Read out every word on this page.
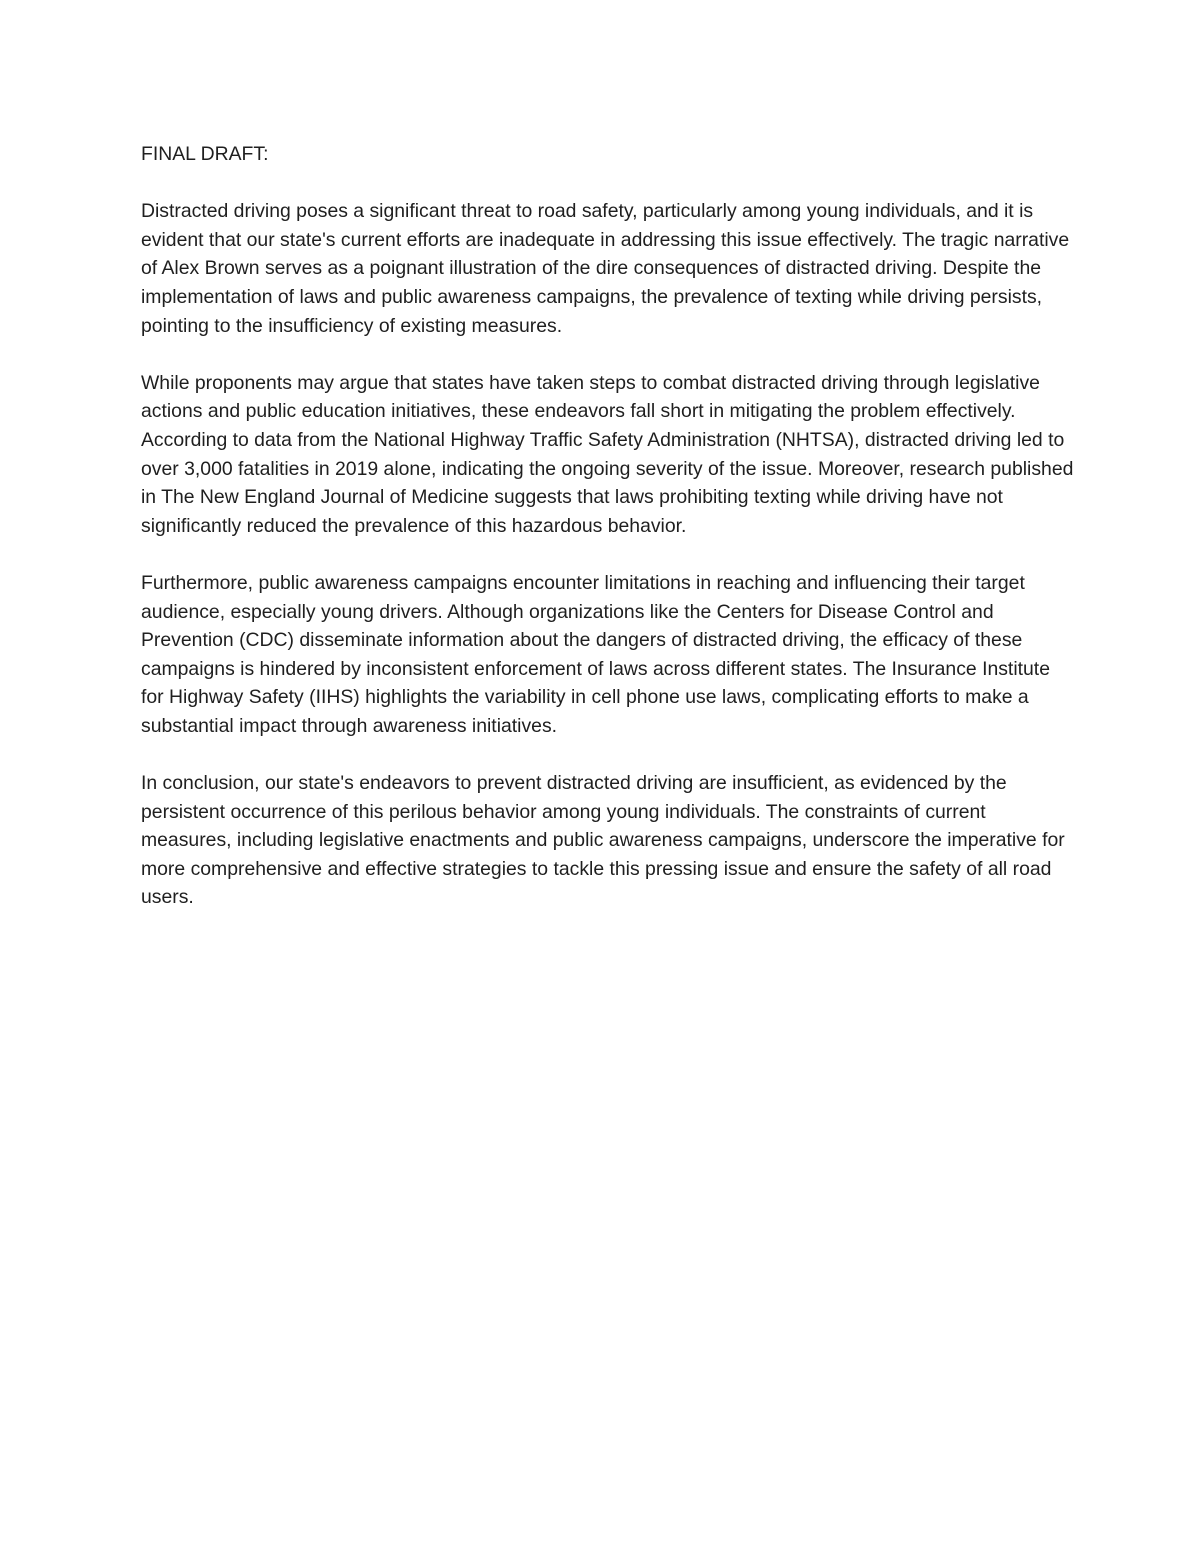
FINAL DRAFT:

Distracted driving poses a significant threat to road safety, particularly among young individuals, and it is evident that our state's current efforts are inadequate in addressing this issue effectively. The tragic narrative of Alex Brown serves as a poignant illustration of the dire consequences of distracted driving. Despite the implementation of laws and public awareness campaigns, the prevalence of texting while driving persists, pointing to the insufficiency of existing measures.

While proponents may argue that states have taken steps to combat distracted driving through legislative actions and public education initiatives, these endeavors fall short in mitigating the problem effectively. According to data from the National Highway Traffic Safety Administration (NHTSA), distracted driving led to over 3,000 fatalities in 2019 alone, indicating the ongoing severity of the issue. Moreover, research published in The New England Journal of Medicine suggests that laws prohibiting texting while driving have not significantly reduced the prevalence of this hazardous behavior.

Furthermore, public awareness campaigns encounter limitations in reaching and influencing their target audience, especially young drivers. Although organizations like the Centers for Disease Control and Prevention (CDC) disseminate information about the dangers of distracted driving, the efficacy of these campaigns is hindered by inconsistent enforcement of laws across different states. The Insurance Institute for Highway Safety (IIHS) highlights the variability in cell phone use laws, complicating efforts to make a substantial impact through awareness initiatives.

In conclusion, our state's endeavors to prevent distracted driving are insufficient, as evidenced by the persistent occurrence of this perilous behavior among young individuals. The constraints of current measures, including legislative enactments and public awareness campaigns, underscore the imperative for more comprehensive and effective strategies to tackle this pressing issue and ensure the safety of all road users.
